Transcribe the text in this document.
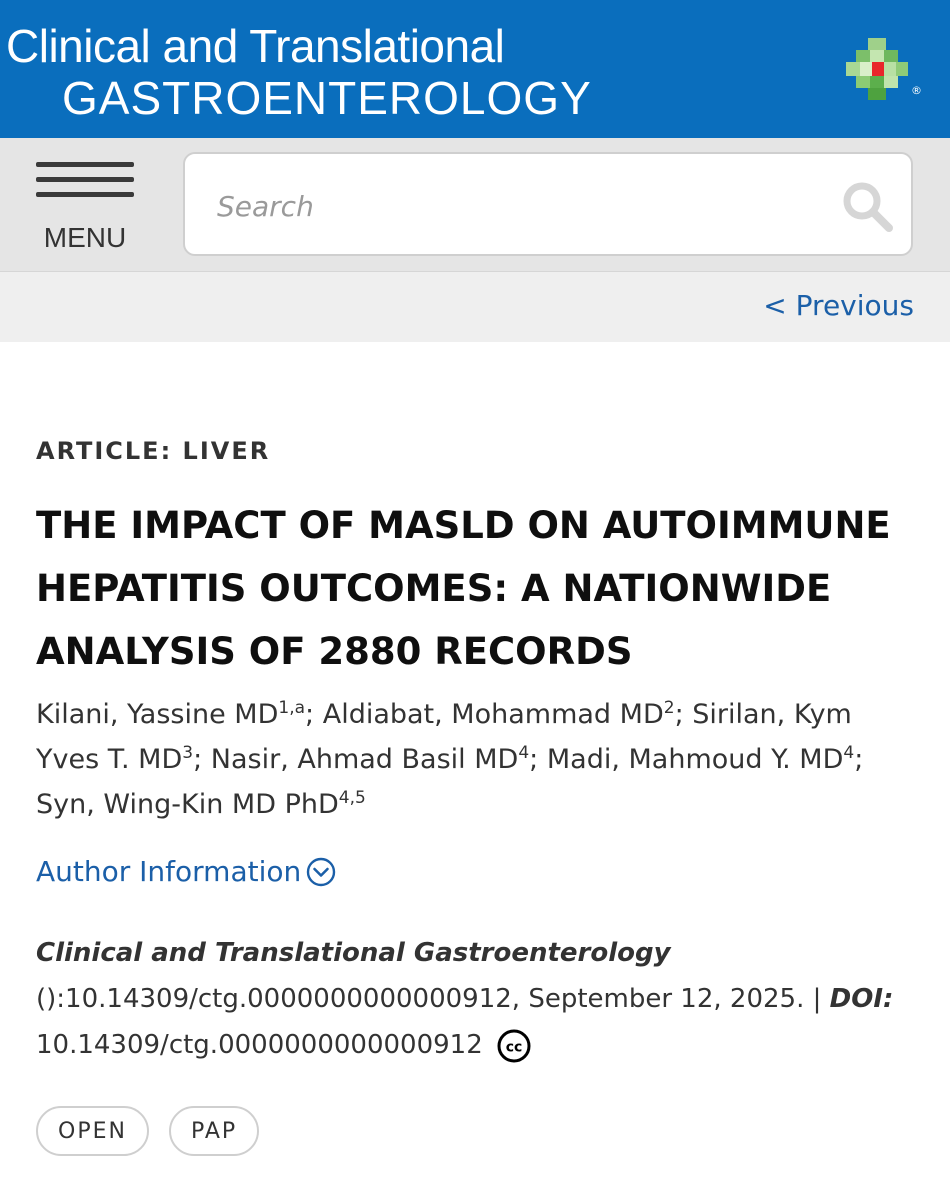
Clinical and Translational
GASTROENTEROLOGY	®
MENU
Search
< Previous
ARTICLE: LIVER
THE IMPACT OF MASLD ON AUTOIMMUNE HEPATITIS OUTCOMES: A NATIONWIDE ANALYSIS OF 2880 RECORDS
Kilani, Yassine MD$^{1,a}$; Aldiabat, Mohammad $MD^2$; Sirilan, Kym Yves T. $MD^3$; Nasir, Ahmad Basil $MD^4$; Madi, Mahmoud Y. $MD^4$; Syn, Wing-Kin MD PhD$^{4,5}$
Author Information
Clinical and Translational Gastroenterology
():10.14309/ctg.0000000000000912, September 12, 2025. | DOI:
10.14309/ctg.0000000000000912 cc
OPEN	PAP
